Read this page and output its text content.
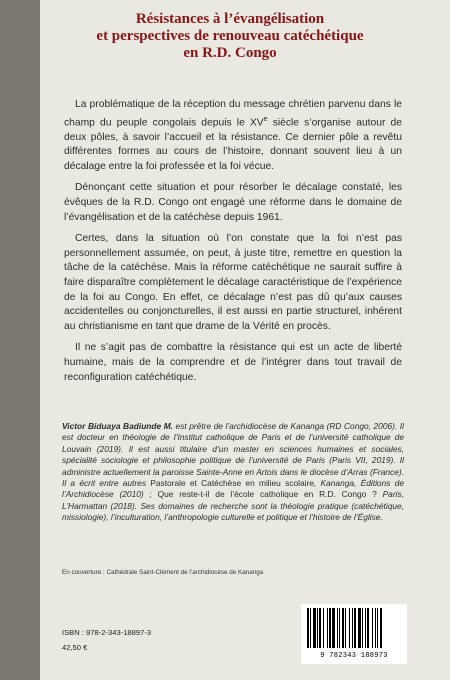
Résistances à l’évangélisation
et perspectives de renouveau catéchétique
en R.D. Congo

La problématique de la réception du message chrétien parvenu dans le champ du peuple congolais depuis le XVe siècle s’organise autour de deux pôles, à savoir l’accueil et la résistance. Ce dernier pôle a revêtu différentes formes au cours de l’histoire, donnant souvent lieu à un décalage entre la foi professée et la foi vécue.

Dénonçant cette situation et pour résorber le décalage constaté, les évêques de la R.D. Congo ont engagé une réforme dans le domaine de l’évangélisation et de la catéchèse depuis 1961.

Certes, dans la situation où l’on constate que la foi n’est pas personnellement assumée, on peut, à juste titre, remettre en question la tâche de la catéchèse. Mais la réforme catéchétique ne saurait suffire à faire disparaître complètement le décalage caractéristique de l’expérience de la foi au Congo. En effet, ce décalage n’est pas dû qu’aux causes accidentelles ou conjoncturelles, il est aussi en partie structurel, inhérent au christianisme en tant que drame de la Vérité en procès.

Il ne s’agit pas de combattre la résistance qui est un acte de liberté humaine, mais de la comprendre et de l’intégrer dans tout travail de reconfiguration catéchétique.

Victor Biduaya Badiunde M. est prêtre de l’archidiocèse de Kananga (RD Congo, 2006). Il est docteur en théologie de l’Institut catholique de Paris et de l’université catholique de Louvain (2019). Il est aussi titulaire d’un master en sciences humaines et sociales, spécialité sociologie et philosophie politique de l’université de Paris (Paris VII, 2019). Il administre actuellement la paroisse Sainte-Anne en Artois dans le diocèse d’Arras (France). Il a écrit entre autres Pastorale et Catéchèse en milieu scolaire, Kananga, Éditions de l’Archidiocèse (2010) ; Que reste-t-il de l’école catholique en R.D. Congo ? Paris, L’Harmattan (2018). Ses domaines de recherche sont la théologie pratique (catéchétique, missiologie), l’inculturation, l’anthropologie culturelle et politique et l’histoire de l’Église.
En couverture : Cathédrale Saint-Clément de l’archidiocèse de Kananga
ISBN : 978-2-343-18897-3
42,50 €
9 782343 188973
